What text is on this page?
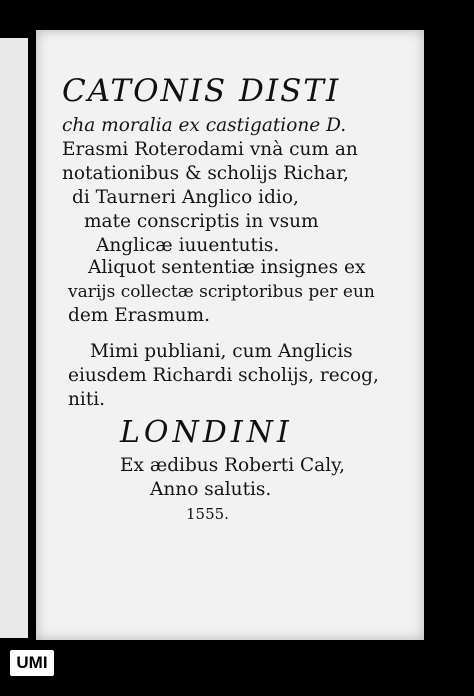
CATONIS DISTI
cha moralia ex castigatione D.
Erasmi Roterodami vnà cum an
notationibus & scholijs Richar,
di Taurneri Anglico idio,
mate conscriptis in vsum
Anglicæ iuuentutis.
Aliquot sententiæ insignes ex
varijs collectæ scriptoribus per eun
dem Erasmum.
Mimi publiani, cum Anglicis
eiusdem Richardi scholijs, recog,
niti.
LONDINI
Ex ædibus Roberti Caly,
Anno salutis.
1555.
UMI
